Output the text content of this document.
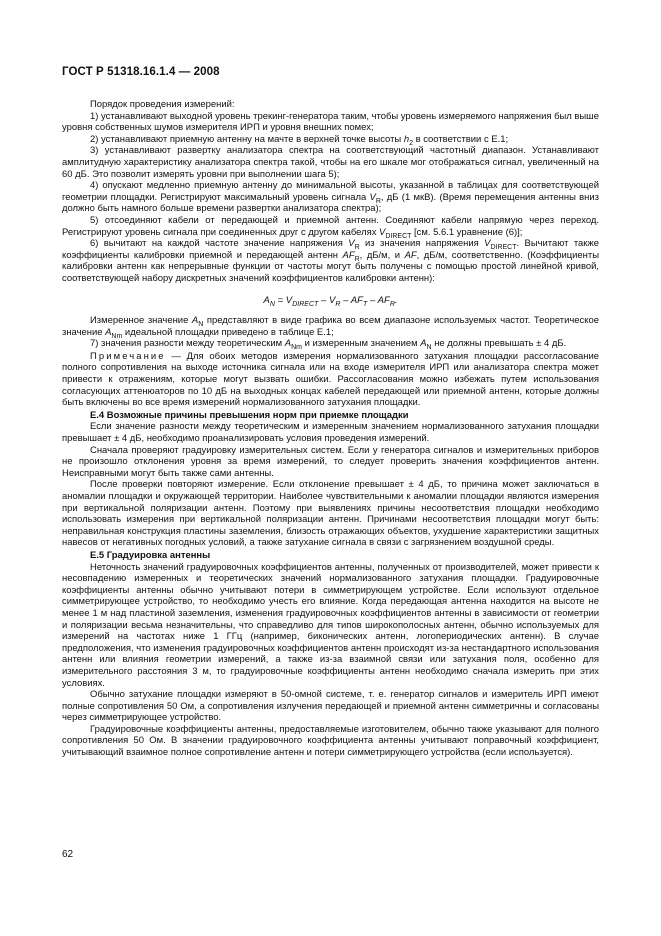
ГОСТ Р 51318.16.1.4 — 2008

Порядок проведения измерений:

1) устанавливают выходной уровень трекинг-генератора таким, чтобы уровень измеряемого напряжения был выше уровня собственных шумов измерителя ИРП и уровня внешних помех;

2) устанавливают приемную антенну на мачте в верхней точке высоты $h_2$ в соответствии с Е.1;

3) устанавливают развертку анализатора спектра на соответствующий частотный диапазон. Устанавливают амплитудную характеристику анализатора спектра такой, чтобы на его шкале мог отображаться сигнал, увеличенный на 60 дБ. Это позволит измерять уровни при выполнении шага 5);

4) опускают медленно приемную антенну до минимальной высоты, указанной в таблицах для соответствующей геометрии площадки. Регистрируют максимальный уровень сигнала $V_R$, дБ (1 мкВ). (Время перемещения антенны вниз должно быть намного больше времени развертки анализатора спектра);

5) отсоединяют кабели от передающей и приемной антенн. Соединяют кабели напрямую через переход. Регистрируют уровень сигнала при соединенных друг с другом кабелях $V_{DIRECT}$ [см. 5.6.1 уравнение (6)];

6) вычитают на каждой частоте значение напряжения $V_R$ из значения напряжения $V_{DIRECT}$. Вычитают также коэффициенты калибровки приемной и передающей антенн $AF_R$, дБ/м, и AF, дБ/м, соответственно. (Коэффициенты калибровки антенн как непрерывные функции от частоты могут быть получены с помощью простой линейной кривой, соответствующей набору дискретных значений коэффициентов калибровки антенн):

$A_N = V_{DIRECT} - V_R - AF_T - AF_R$.

Измеренное значение $A_N$ представляют в виде графика во всем диапазоне используемых частот. Теоретическое значение $A_{Nm}$ идеальной площадки приведено в таблице Е.1;

7) значения разности между теоретическим $A_{Nm}$ и измеренным значением $A_N$ не должны превышать ± 4 дБ.

Примечание — Для обоих методов измерения нормализованного затухания площадки рассогласование полного сопротивления на выходе источника сигнала или на входе измерителя ИРП или анализатора спектра может привести к отражениям, которые могут вызвать ошибки. Рассогласования можно избежать путем использования согласующих аттенюаторов по 10 дБ на выходных концах кабелей передающей или приемной антенн, которые должны быть включены во все время измерений нормализованного затухания площадки.

Е.4 Возможные причины превышения норм при приемке площадки

Если значение разности между теоретическим и измеренным значением нормализованного затухания площадки превышает ± 4 дБ, необходимо проанализировать условия проведения измерений.

Сначала проверяют градуировку измерительных систем. Если у генератора сигналов и измерительных приборов не произошло отклонения уровня за время измерений, то следует проверить значения коэффициентов антенн. Неисправными могут быть также сами антенны.

После проверки повторяют измерение. Если отклонение превышает ± 4 дБ, то причина может заключаться в аномалии площадки и окружающей территории. Наиболее чувствительными к аномалии площадки являются измерения при вертикальной поляризации антенн. Поэтому при выявлениях причины несоответствия площадки необходимо использовать измерения при вертикальной поляризации антенн. Причинами несоответствия площадки могут быть: неправильная конструкция пластины заземления, близость отражающих объектов, ухудшение характеристики защитных навесов от негативных погодных условий, а также затухание сигнала в связи с загрязнением воздушной среды.

Е.5 Градуировка антенны

Неточность значений градуировочных коэффициентов антенны, полученных от производителей, может привести к несовпадению измеренных и теоретических значений нормализованного затухания площадки. Градуировочные коэффициенты антенны обычно учитывают потери в симметрирующем устройстве. Если используют отдельное симметрирующее устройство, то необходимо учесть его влияние. Когда передающая антенна находится на высоте не менее 1 м над пластиной заземления, изменения градуировочных коэффициентов антенны в зависимости от геометрии и поляризации весьма незначительны, что справедливо для типов широкополосных антенн, обычно используемых для измерений на частотах ниже 1 ГГц (например, биконических антенн, логопериодических антенн). В случае предположения, что изменения градуировочных коэффициентов антенн происходят из-за нестандартного использования антенн или влияния геометрии измерений, а также из-за взаимной связи или затухания поля, особенно для измерительного расстояния 3 м, то градуировочные коэффициенты антенн необходимо сначала измерить при этих условиях.

Обычно затухание площадки измеряют в 50-омной системе, т. е. генератор сигналов и измеритель ИРП имеют полные сопротивления 50 Ом, а сопротивления излучения передающей и приемной антенн симметричны и согласованы через симметрирующее устройство.

Градуировочные коэффициенты антенны, предоставляемые изготовителем, обычно также указывают для полного сопротивления 50 Ом. В значении градуировочного коэффициента антенны учитывают поправочный коэффициент, учитывающий взаимное полное сопротивление антенн и потери симметрирующего устройства (если используется).

62
